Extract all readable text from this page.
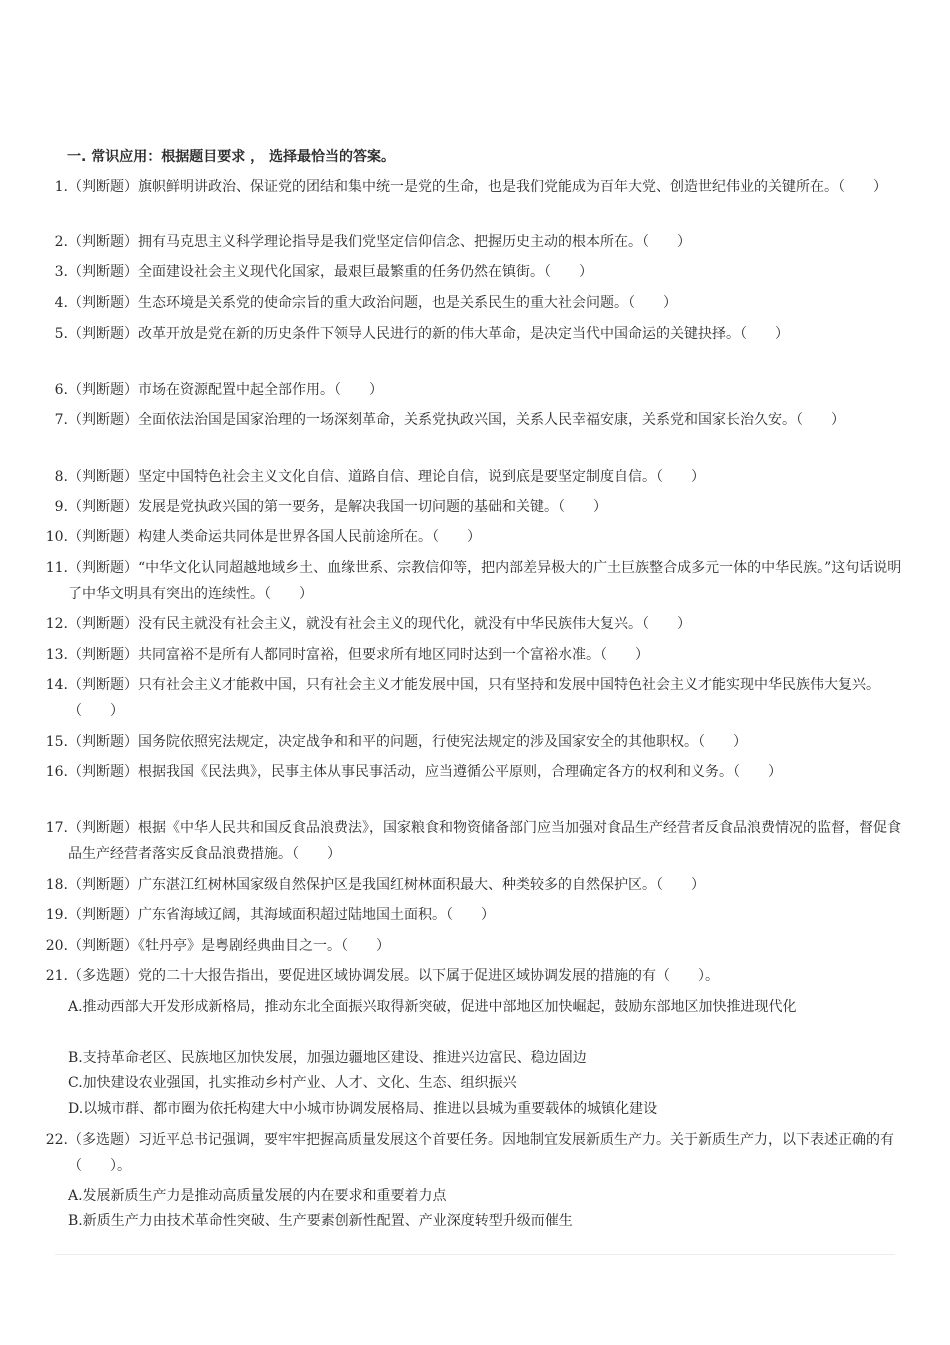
一. 常识应用：根据题目要求 ， 选择最恰当的答案。
1.（判断题）旗帜鲜明讲政治、保证党的团结和集中统一是党的生命，也是我们党能成为百年大党、创造世纪伟业的关键所在。（　　）
2.（判断题）拥有马克思主义科学理论指导是我们党坚定信仰信念、把握历史主动的根本所在。（　　）
3.（判断题）全面建设社会主义现代化国家，最艰巨最繁重的任务仍然在镇街。（　　）
4.（判断题）生态环境是关系党的使命宗旨的重大政治问题，也是关系民生的重大社会问题。（　　）
5.（判断题）改革开放是党在新的历史条件下领导人民进行的新的伟大革命，是决定当代中国命运的关键抉择。（　　）
6.（判断题）市场在资源配置中起全部作用。（　　）
7.（判断题）全面依法治国是国家治理的一场深刻革命，关系党执政兴国，关系人民幸福安康，关系党和国家长治久安。（　　）
8.（判断题）坚定中国特色社会主义文化自信、道路自信、理论自信，说到底是要坚定制度自信。（　　）
9.（判断题）发展是党执政兴国的第一要务，是解决我国一切问题的基础和关键。（　　）
10.（判断题）构建人类命运共同体是世界各国人民前途所在。（　　）
11.（判断题）“中华文化认同超越地域乡土、血缘世系、宗教信仰等，把内部差异极大的广土巨族整合成多元一体的中华民族。”这句话说明了中华文明具有突出的连续性。（　　）
12.（判断题）没有民主就没有社会主义，就没有社会主义的现代化，就没有中华民族伟大复兴。（　　）
13.（判断题）共同富裕不是所有人都同时富裕，但要求所有地区同时达到一个富裕水准。（　　）
14.（判断题）只有社会主义才能救中国，只有社会主义才能发展中国，只有坚持和发展中国特色社会主义才能实现中华民族伟大复兴。（　　）
15.（判断题）国务院依照宪法规定，决定战争和和平的问题，行使宪法规定的涉及国家安全的其他职权。（　　）
16.（判断题）根据我国《民法典》，民事主体从事民事活动，应当遵循公平原则，合理确定各方的权利和义务。（　　）
17.（判断题）根据《中华人民共和国反食品浪费法》，国家粮食和物资储备部门应当加强对食品生产经营者反食品浪费情况的监督，督促食品生产经营者落实反食品浪费措施。（　　）
18.（判断题）广东湛江红树林国家级自然保护区是我国红树林面积最大、种类较多的自然保护区。（　　）
19.（判断题）广东省海域辽阔，其海域面积超过陆地国土面积。（　　）
20.（判断题）《牡丹亭》是粤剧经典曲目之一。（　　）
21.（多选题）党的二十大报告指出，要促进区域协调发展。以下属于促进区域协调发展的措施的有（　　）。
A.推动西部大开发形成新格局，推动东北全面振兴取得新突破，促进中部地区加快崛起，鼓励东部地区加快推进现代化
B.支持革命老区、民族地区加快发展，加强边疆地区建设、推进兴边富民、稳边固边
C.加快建设农业强国，扎实推动乡村产业、人才、文化、生态、组织振兴
D.以城市群、都市圈为依托构建大中小城市协调发展格局、推进以县城为重要载体的城镇化建设
22.（多选题）习近平总书记强调，要牢牢把握高质量发展这个首要任务。因地制宜发展新质生产力。关于新质生产力，以下表述正确的有（　　）。
A.发展新质生产力是推动高质量发展的内在要求和重要着力点
B.新质生产力由技术革命性突破、生产要素创新性配置、产业深度转型升级而催生
